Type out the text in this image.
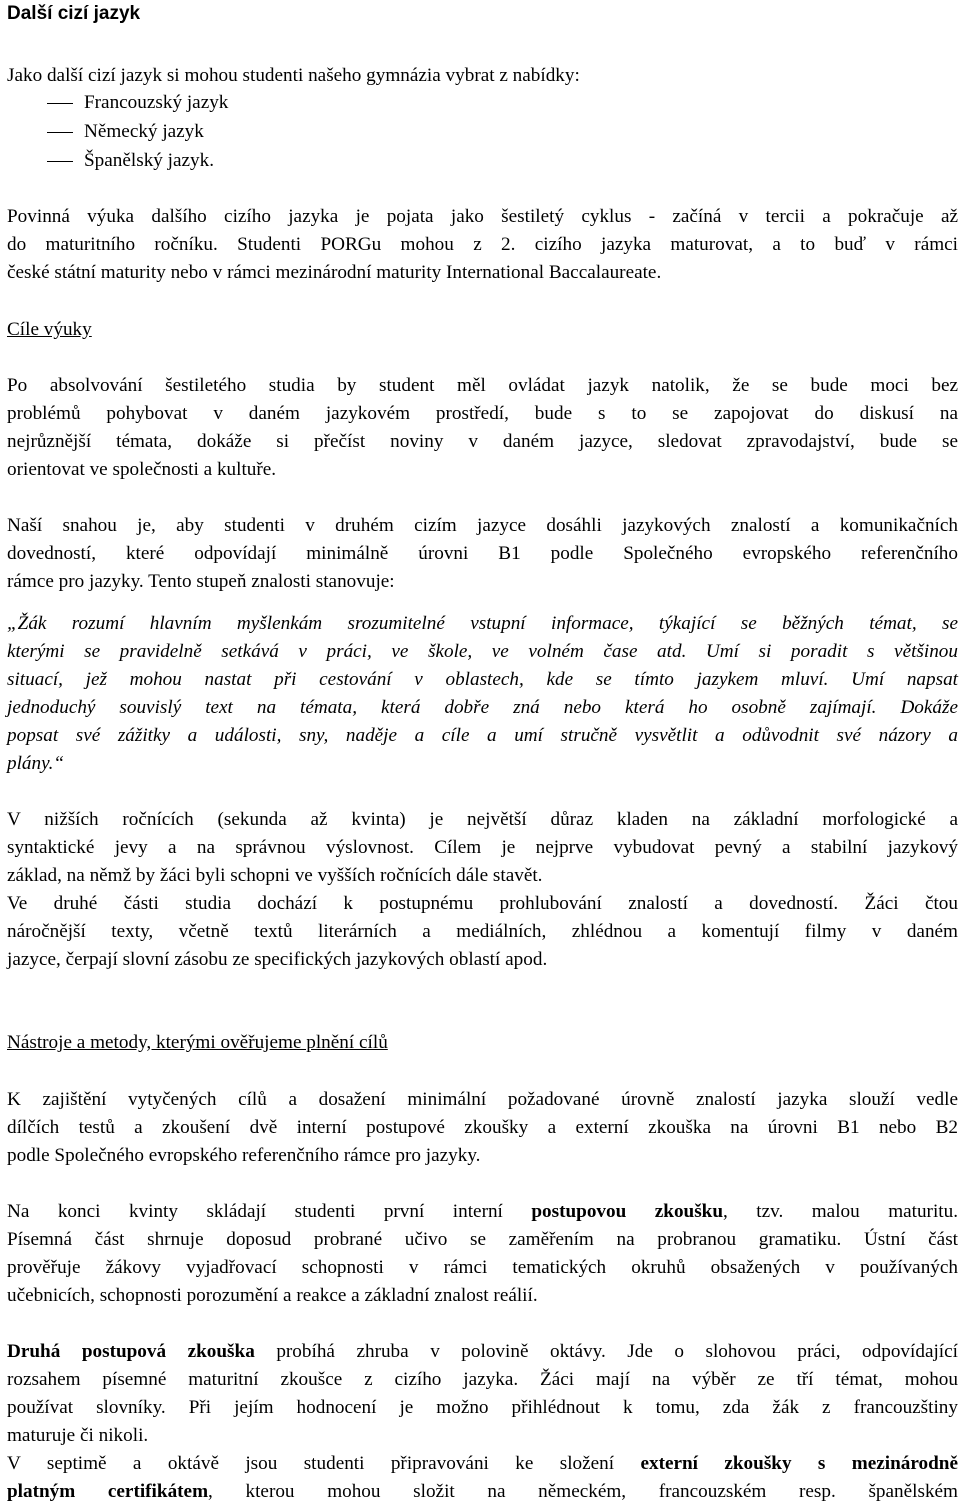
Další cizí jazyk
Jako další cizí jazyk si mohou studenti našeho gymnázia vybrat z nabídky:
Francouzský jazyk
Německý jazyk
Španělský jazyk.
Povinná výuka dalšího cizího jazyka je pojata jako šestiletý cyklus - začíná v tercii a pokračuje až
do maturitního ročníku. Studenti PORGu mohou z 2. cizího jazyka maturovat, a to buď v rámci
české státní maturity nebo v rámci mezinárodní maturity International Baccalaureate.
Cíle výuky
Po absolvování šestiletého studia by student měl ovládat jazyk natolik, že se bude moci bez
problémů pohybovat v daném jazykovém prostředí, bude s to se zapojovat do diskusí na
nejrůznější témata, dokáže si přečíst noviny v daném jazyce, sledovat zpravodajství, bude se
orientovat ve společnosti a kultuře.
Naší snahou je, aby studenti v druhém cizím jazyce dosáhli jazykových znalostí a komunikačních
dovedností, které odpovídají minimálně úrovni B1 podle Společného evropského referenčního
rámce pro jazyky. Tento stupeň znalosti stanovuje:
„Žák rozumí hlavním myšlenkám srozumitelné vstupní informace, týkající se běžných témat, se
kterými se pravidelně setkává v práci, ve škole, ve volném čase atd. Umí si poradit s většinou
situací, jež mohou nastat při cestování v oblastech, kde se tímto jazykem mluví. Umí napsat
jednoduchý souvislý text na témata, která dobře zná nebo která ho osobně zajímají. Dokáže
popsat své zážitky a události, sny, naděje a cíle a umí stručně vysvětlit a odůvodnit své názory a
plány.“
V nižších ročnících (sekunda až kvinta) je největší důraz kladen na základní morfologické a
syntaktické jevy a na správnou výslovnost. Cílem je nejprve vybudovat pevný a stabilní jazykový
základ, na němž by žáci byli schopni ve vyšších ročnících dále stavět.
Ve druhé části studia dochází k postupnému prohlubování znalostí a dovedností. Žáci čtou
náročnější texty, včetně textů literárních a mediálních, zhlédnou a komentují filmy v daném
jazyce, čerpají slovní zásobu ze specifických jazykových oblastí apod.
Nástroje a metody, kterými ověřujeme plnění cílů
K zajištění vytyčených cílů a dosažení minimální požadované úrovně znalostí jazyka slouží vedle
dílčích testů a zkoušení dvě interní postupové zkoušky a externí zkouška na úrovni B1 nebo B2
podle Společného evropského referenčního rámce pro jazyky.
Na konci kvinty skládají studenti první interní postupovou zkoušku, tzv. malou maturitu.
Písemná část shrnuje doposud probrané učivo se zaměřením na probranou gramatiku. Ústní část
prověřuje žákovy vyjadřovací schopnosti v rámci tematických okruhů obsažených v používaných
učebnicích, schopnosti porozumění a reakce a základní znalost reálií.
Druhá postupová zkouška probíhá zhruba v polovině oktávy. Jde o slohovou práci, odpovídající
rozsahem písemné maturitní zkoušce z cizího jazyka. Žáci mají na výběr ze tří témat, mohou
používat slovníky. Při jejím hodnocení je možno přihlédnout k tomu, zda žák z francouzštiny
maturuje či nikoli.
V septimě a oktávě jsou studenti připravováni ke složení externí zkoušky s mezinárodně
platným certifikátem, kterou mohou složit na německém, francouzském resp. španělském
